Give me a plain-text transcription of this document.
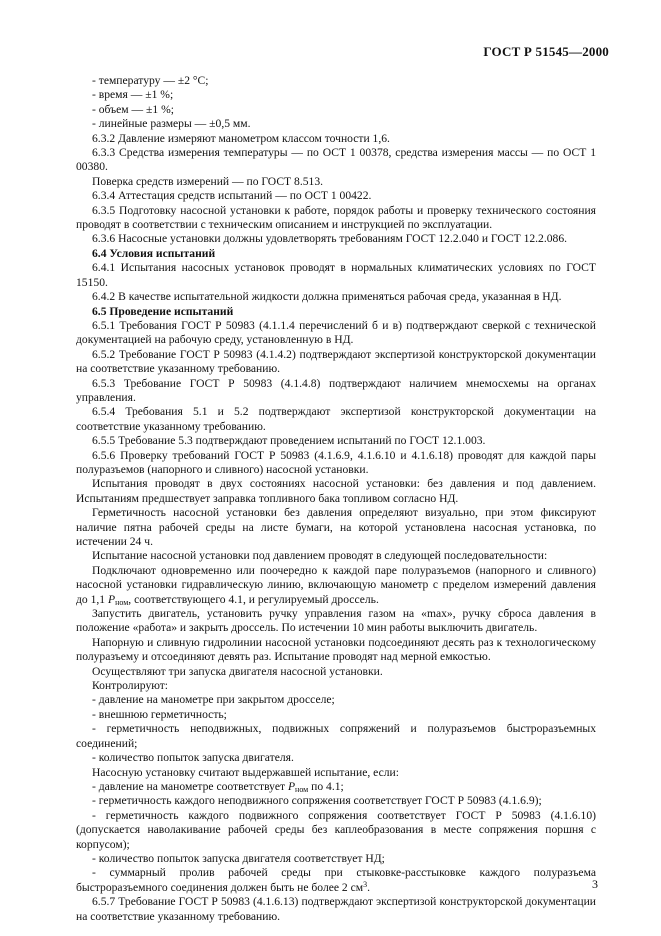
ГОСТ Р 51545—2000

- температуру — ±2 °С;

- время — ±1 %;

- объем — ±1 %;

- линейные размеры — ±0,5 мм.

6.3.2 Давление измеряют манометром классом точности 1,6.

6.3.3 Средства измерения температуры — по ОСТ 1 00378, средства измерения массы — по ОСТ 1 00380.

Поверка средств измерений — по ГОСТ 8.513.

6.3.4 Аттестация средств испытаний — по ОСТ 1 00422.

6.3.5 Подготовку насосной установки к работе, порядок работы и проверку технического состояния проводят в соответствии с техническим описанием и инструкцией по эксплуатации.

6.3.6 Насосные установки должны удовлетворять требованиям ГОСТ 12.2.040 и ГОСТ 12.2.086.

6.4 Условия испытаний

6.4.1 Испытания насосных установок проводят в нормальных климатических условиях по ГОСТ 15150.

6.4.2 В качестве испытательной жидкости должна применяться рабочая среда, указанная в НД.

6.5 Проведение испытаний

6.5.1 Требования ГОСТ Р 50983 (4.1.1.4 перечислений б и в) подтверждают сверкой с технической документацией на рабочую среду, установленную в НД.

6.5.2 Требование ГОСТ Р 50983 (4.1.4.2) подтверждают экспертизой конструкторской документации на соответствие указанному требованию.

6.5.3 Требование ГОСТ Р 50983 (4.1.4.8) подтверждают наличием мнемосхемы на органах управления.

6.5.4 Требования 5.1 и 5.2 подтверждают экспертизой конструкторской документации на соответствие указанному требованию.

6.5.5 Требование 5.3 подтверждают проведением испытаний по ГОСТ 12.1.003.

6.5.6 Проверку требований ГОСТ Р 50983 (4.1.6.9, 4.1.6.10 и 4.1.6.18) проводят для каждой пары полуразъемов (напорного и сливного) насосной установки.

Испытания проводят в двух состояниях насосной установки: без давления и под давлением. Испытаниям предшествует заправка топливного бака топливом согласно НД.

Герметичность насосной установки без давления определяют визуально, при этом фиксируют наличие пятна рабочей среды на листе бумаги, на которой установлена насосная установка, по истечении 24 ч.

Испытание насосной установки под давлением проводят в следующей последовательности:

Подключают одновременно или поочередно к каждой паре полуразъемов (напорного и сливного) насосной установки гидравлическую линию, включающую манометр с пределом измерений давления до 1,1 $P_{ном}$, соответствующего 4.1, и регулируемый дроссель.

Запустить двигатель, установить ручку управления газом на «max», ручку сброса давления в положение «работа» и закрыть дроссель. По истечении 10 мин работы выключить двигатель.

Напорную и сливную гидролинии насосной установки подсоединяют десять раз к технологическому полуразъему и отсоединяют девять раз. Испытание проводят над мерной емкостью.

Осуществляют три запуска двигателя насосной установки.

Контролируют:

- давление на манометре при закрытом дросселе;

- внешнюю герметичность;

- герметичность неподвижных, подвижных сопряжений и полуразъемов быстроразъемных соединений;

- количество попыток запуска двигателя.

Насосную установку считают выдержавшей испытание, если:

- давление на манометре соответствует $P_{ном}$ по 4.1;

- герметичность каждого неподвижного сопряжения соответствует ГОСТ Р 50983 (4.1.6.9);

- герметичность каждого подвижного сопряжения соответствует ГОСТ Р 50983 (4.1.6.10) (допускается наволакивание рабочей среды без каплеобразования в месте сопряжения поршня с корпусом);

- количество попыток запуска двигателя соответствует НД;

- суммарный пролив рабочей среды при стыковке-расстыковке каждого полуразъема быстроразъемного соединения должен быть не более 2 $см^3$.

6.5.7 Требование ГОСТ Р 50983 (4.1.6.13) подтверждают экспертизой конструкторской документации на соответствие указанному требованию.

3
